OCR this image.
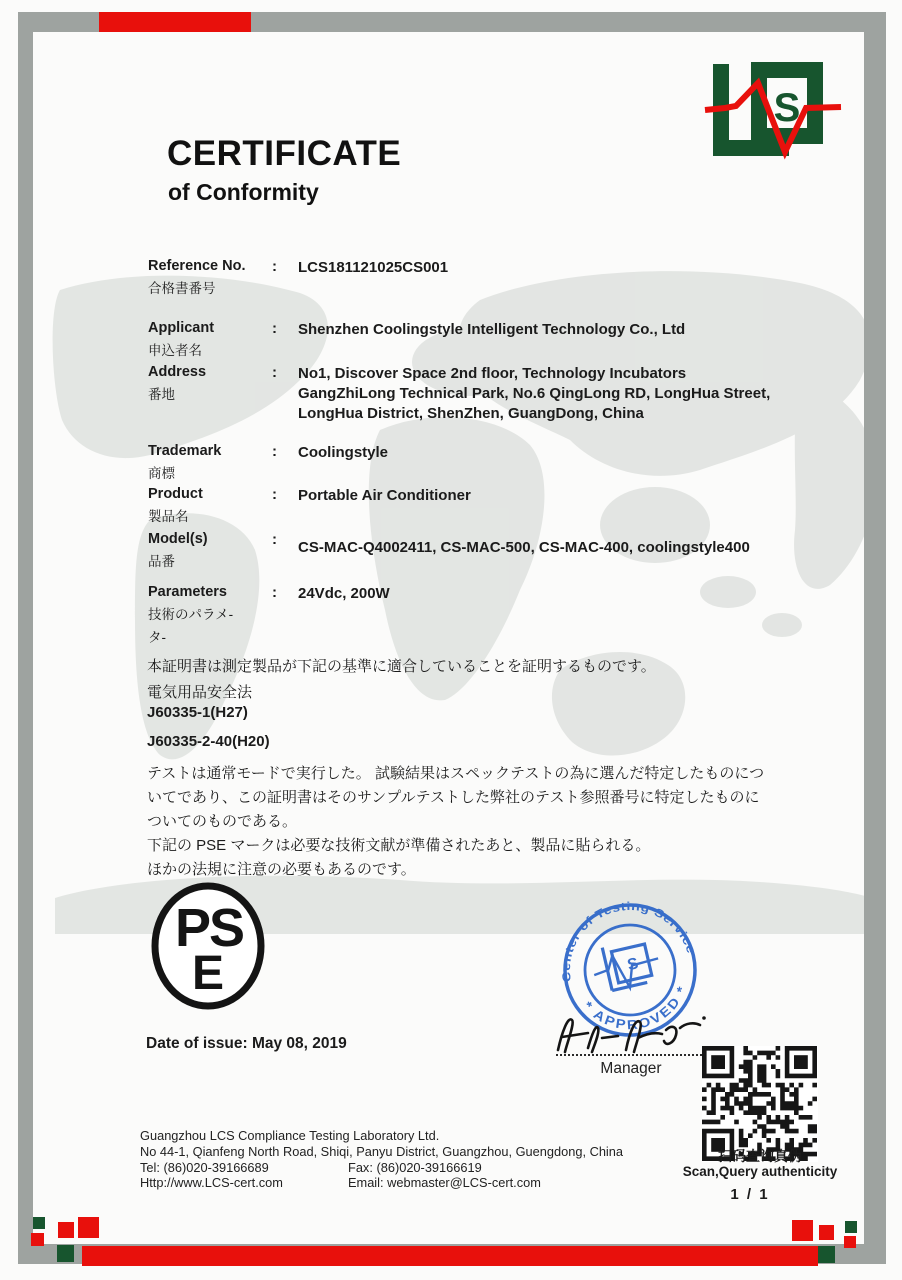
S
CERTIFICATE
of Conformity
Reference No.
合格書番号
:	LCS181121025CS001
Applicant
申込者名
:	Shenzhen Coolingstyle Intelligent Technology Co., Ltd
Address
番地
:	No1, Discover Space 2nd floor, Technology Incubators
GangZhiLong Technical Park, No.6 QingLong RD, LongHua Street,
LongHua District, ShenZhen, GuangDong, China
Trademark
商標
:	Coolingstyle
Product
製品名
:	Portable Air Conditioner
Model(s)
品番
:	CS-MAC-Q4002411, CS-MAC-500, CS-MAC-400, coolingstyle400
Parameters
技術のパラメ-
タ-
:	24Vdc, 200W
本証明書は測定製品が下記の基準に適合していることを証明するものです。
電気用品安全法
J60335-1(H27)
J60335-2-40(H20)
テストは通常モードで実行した。 試験結果はスペックテストの為に選んだ特定したものにつ
いてであり、この証明書はそのサンプルテストした弊社のテスト参照番号に特定したものに
ついてのものである。
下記の PSE マークは必要な技術文献が準備されたあと、製品に貼られる。
ほかの法規に注意の必要もあるのです。
PS
E	Center of Testing Service
* APPROVED *
S
Manager
Date of issue: May 08, 2019
Guangzhou LCS Compliance Testing Laboratory Ltd.
No 44-1, Qianfeng North Road, Shiqi, Panyu District, Guangzhou, Guengdong, China
Tel: (86)020-39166689	Fax: (86)020-39166619
Http://www.LCS-cert.com	Email: webmaster@LCS-cert.com
扫码查询真伪
Scan,Query authenticity
1 / 1
